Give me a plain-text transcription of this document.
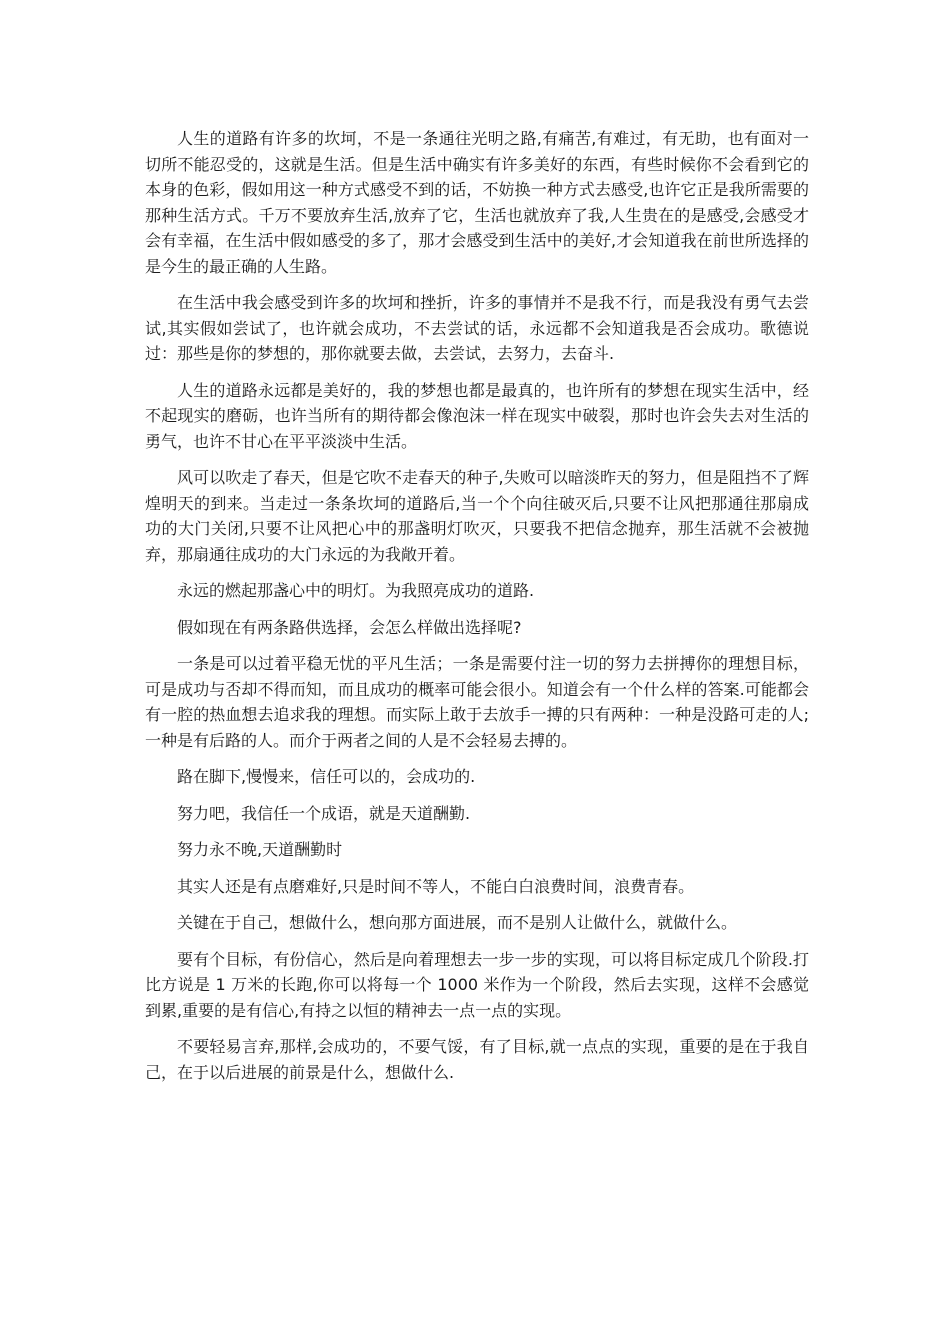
人生的道路有许多的坎坷，不是一条通往光明之路,有痛苦,有难过，有无助，也有面对一切所不能忍受的，这就是生活。但是生活中确实有许多美好的东西，有些时候你不会看到它的本身的色彩，假如用这一种方式感受不到的话，不妨换一种方式去感受,也许它正是我所需要的那种生活方式。千万不要放弃生活,放弃了它，生活也就放弃了我,人生贵在的是感受,会感受才会有幸福，在生活中假如感受的多了，那才会感受到生活中的美好,才会知道我在前世所选择的是今生的最正确的人生路。

在生活中我会感受到许多的坎坷和挫折，许多的事情并不是我不行，而是我没有勇气去尝试,其实假如尝试了，也许就会成功，不去尝试的话，永远都不会知道我是否会成功。歌德说过：那些是你的梦想的，那你就要去做，去尝试，去努力，去奋斗.

人生的道路永远都是美好的，我的梦想也都是最真的，也许所有的梦想在现实生活中，经不起现实的磨砺，也许当所有的期待都会像泡沫一样在现实中破裂，那时也许会失去对生活的勇气，也许不甘心在平平淡淡中生活。

风可以吹走了春天，但是它吹不走春天的种子,失败可以暗淡昨天的努力，但是阻挡不了辉煌明天的到来。当走过一条条坎坷的道路后,当一个个向往破灭后,只要不让风把那通往那扇成功的大门关闭,只要不让风把心中的那盏明灯吹灭，只要我不把信念抛弃，那生活就不会被抛弃，那扇通往成功的大门永远的为我敞开着。

永远的燃起那盏心中的明灯。为我照亮成功的道路.

假如现在有两条路供选择，会怎么样做出选择呢?

一条是可以过着平稳无忧的平凡生活；一条是需要付注一切的努力去拼搏你的理想目标，可是成功与否却不得而知，而且成功的概率可能会很小。知道会有一个什么样的答案.可能都会有一腔的热血想去追求我的理想。而实际上敢于去放手一搏的只有两种：一种是没路可走的人;一种是有后路的人。而介于两者之间的人是不会轻易去搏的。

路在脚下,慢慢来，信任可以的，会成功的.

努力吧，我信任一个成语，就是天道酬勤.

努力永不晚,天道酬勤时

其实人还是有点磨难好,只是时间不等人，不能白白浪费时间，浪费青春。

关键在于自己，想做什么，想向那方面进展，而不是别人让做什么，就做什么。

要有个目标，有份信心，然后是向着理想去一步一步的实现，可以将目标定成几个阶段.打比方说是 1 万米的长跑,你可以将每一个 1000 米作为一个阶段，然后去实现，这样不会感觉到累,重要的是有信心,有持之以恒的精神去一点一点的实现。

不要轻易言弃,那样,会成功的，不要气馁，有了目标,就一点点的实现，重要的是在于我自己，在于以后进展的前景是什么，想做什么.
